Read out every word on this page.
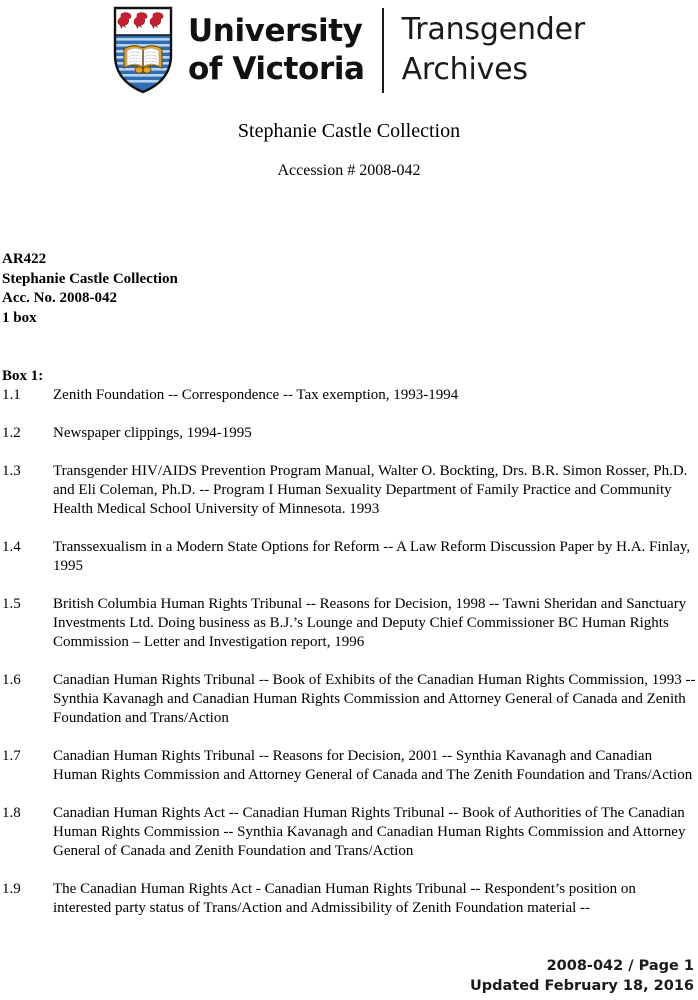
University
of Victoria
Transgender
Archives
Stephanie Castle Collection
Accession # 2008-042
AR422
Stephanie Castle Collection
Acc. No. 2008-042
1 box
Box 1:
1.1	Zenith Foundation -- Correspondence -- Tax exemption, 1993-1994
1.2	Newspaper clippings, 1994-1995
1.3	Transgender HIV/AIDS Prevention Program Manual, Walter O. Bockting, Drs. B.R. Simon Rosser, Ph.D. and Eli Coleman, Ph.D. -- Program I Human Sexuality Department of Family Practice and Community Health Medical School University of Minnesota. 1993
1.4	Transsexualism in a Modern State Options for Reform -- A Law Reform Discussion Paper by H.A. Finlay, 1995
1.5	British Columbia Human Rights Tribunal -- Reasons for Decision, 1998 -- Tawni Sheridan and Sanctuary Investments Ltd. Doing business as B.J.’s Lounge and Deputy Chief Commissioner BC Human Rights Commission – Letter and Investigation report, 1996
1.6	Canadian Human Rights Tribunal -- Book of Exhibits of the Canadian Human Rights Commission, 1993 -- Synthia Kavanagh and Canadian Human Rights Commission and Attorney General of Canada and Zenith Foundation and Trans/Action
1.7	Canadian Human Rights Tribunal -- Reasons for Decision, 2001 -- Synthia Kavanagh and Canadian Human Rights Commission and Attorney General of Canada and The Zenith Foundation and Trans/Action
1.8	Canadian Human Rights Act -- Canadian Human Rights Tribunal -- Book of Authorities of The Canadian Human Rights Commission -- Synthia Kavanagh and Canadian Human Rights Commission and Attorney General of Canada and Zenith Foundation and Trans/Action
1.9	The Canadian Human Rights Act - Canadian Human Rights Tribunal -- Respondent’s position on interested party status of Trans/Action and Admissibility of Zenith Foundation material --
2008-042 / Page 1
Updated February 18, 2016
